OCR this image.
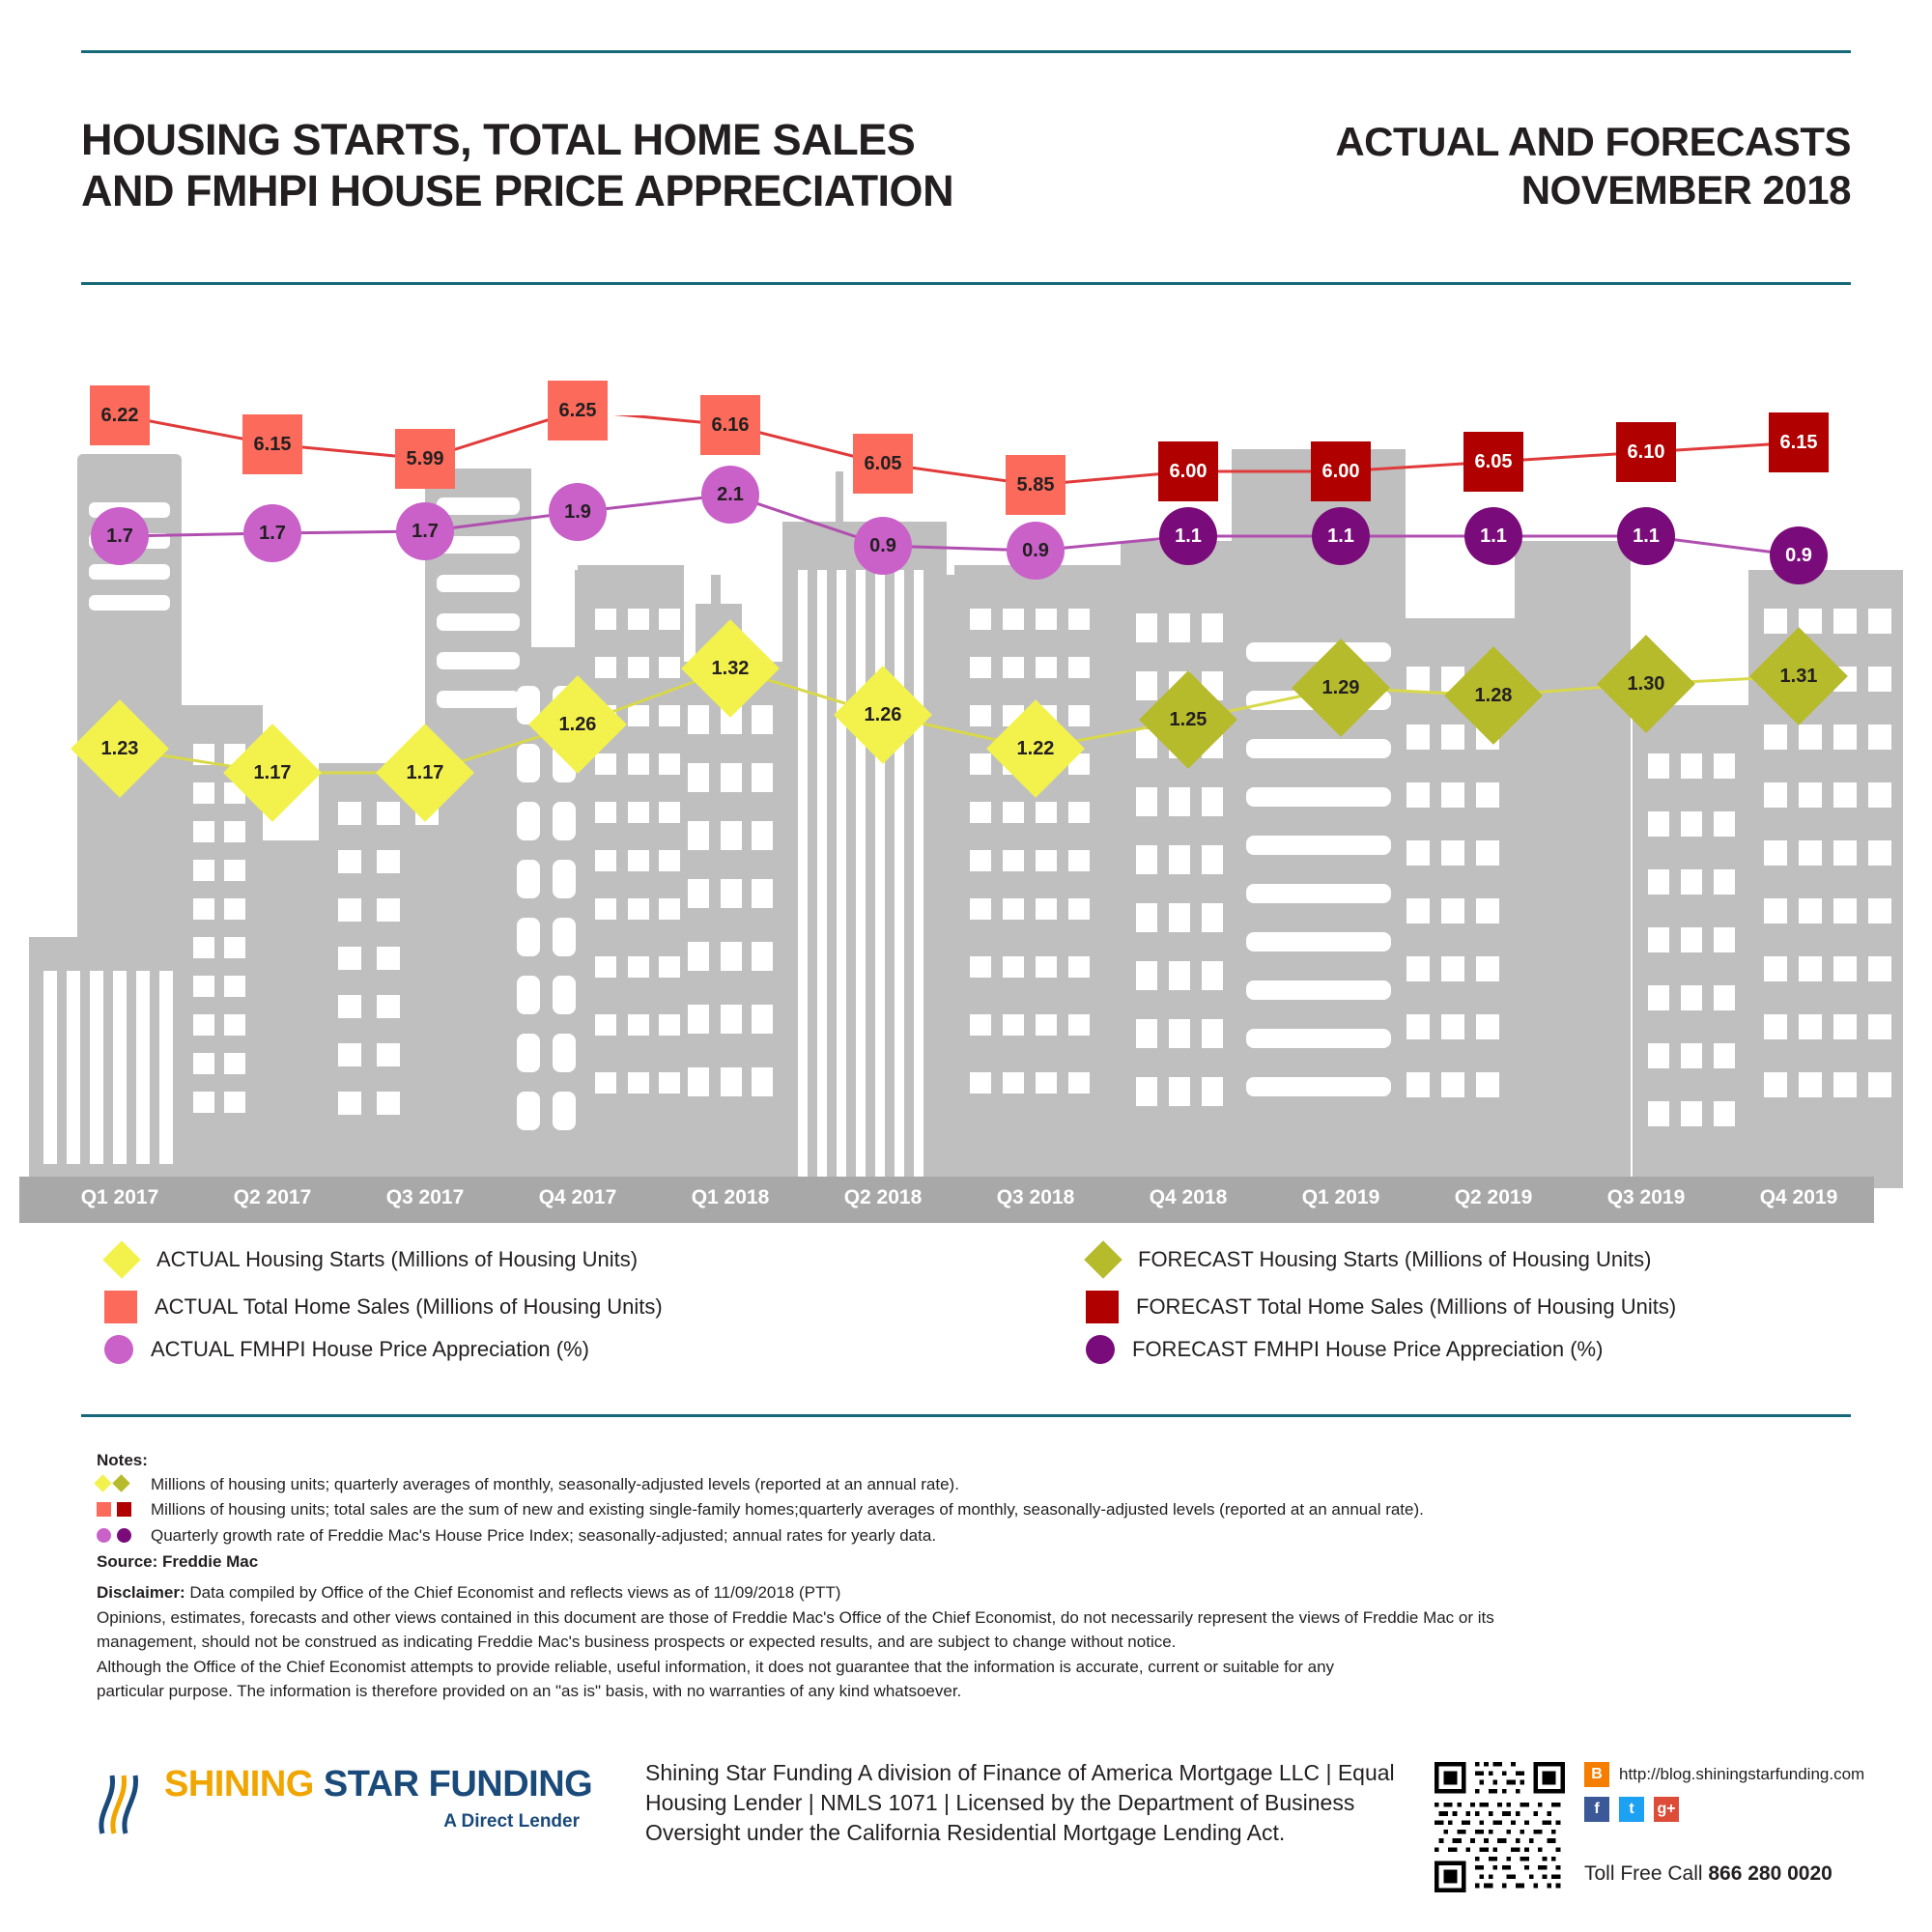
HOUSING STARTS, TOTAL HOME SALES
AND FMHPI HOUSE PRICE APPRECIATION
ACTUAL AND FORECASTS
NOVEMBER 2018
6.22
6.15
5.99
6.25
6.16
6.05
5.85
6.00	6.00	6.05	6.10	6.15
1.7	1.7	1.7
1.9
2.1
0.9	0.9
1.1	1.1	1.1	1.1
0.9
1.23
1.17	1.17
1.26
1.32
1.26
1.22
1.25
1.29	1.28
1.30	1.31
Q1 2017	Q2 2017	Q3 2017	Q4 2017	Q1 2018	Q2 2018	Q3 2018	Q4 2018	Q1 2019	Q2 2019	Q3 2019	Q4 2019
ACTUAL Housing Starts (Millions of Housing Units)
ACTUAL Total Home Sales (Millions of Housing Units)
ACTUAL FMHPI House Price Appreciation (%)
FORECAST Housing Starts (Millions of Housing Units)
FORECAST Total Home Sales (Millions of Housing Units)
FORECAST FMHPI House Price Appreciation (%)
Notes:
Millions of housing units; quarterly averages of monthly, seasonally-adjusted levels (reported at an annual rate).
Millions of housing units; total sales are the sum of new and existing single-family homes;quarterly averages of monthly, seasonally-adjusted levels (reported at an annual rate).
Quarterly growth rate of Freddie Mac's House Price Index; seasonally-adjusted; annual rates for yearly data.
Source: Freddie Mac
Disclaimer: Data compiled by Office of the Chief Economist and reflects views as of 11/09/2018 (PTT)
Opinions, estimates, forecasts and other views contained in this document are those of Freddie Mac's Office of the Chief Economist, do not necessarily represent the views of Freddie Mac or its
management, should not be construed as indicating Freddie Mac's business prospects or expected results, and are subject to change without notice.
Although the Office of the Chief Economist attempts to provide reliable, useful information, it does not guarantee that the information is accurate, current or suitable for any
particular purpose. The information is therefore provided on an "as is" basis, with no warranties of any kind whatsoever.
SHINING STAR FUNDING
A Direct Lender
Shining Star Funding A division of Finance of America Mortgage LLC | Equal Housing Lender | NMLS 1071 | Licensed by the Department of Business Oversight under the California Residential Mortgage Lending Act.
B	http://blog.shiningstarfunding.com
f	t	g+
Toll Free Call 866 280 0020
